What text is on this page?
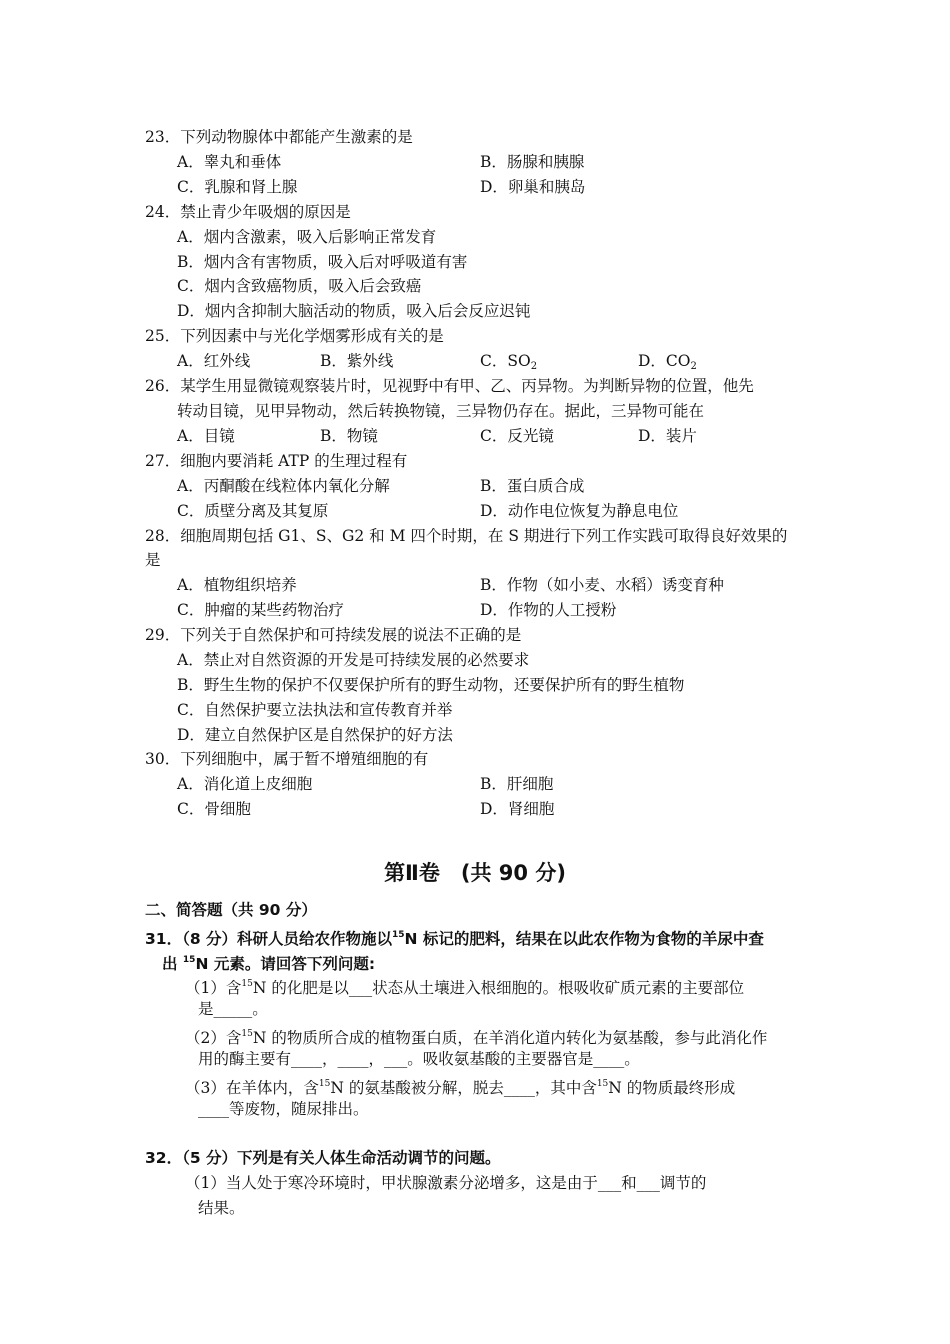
23．下列动物腺体中都能产生激素的是
A．睾丸和垂体	B．肠腺和胰腺
C．乳腺和肾上腺	D．卵巢和胰岛
24．禁止青少年吸烟的原因是
A．烟内含激素，吸入后影响正常发育
B．烟内含有害物质，吸入后对呼吸道有害
C．烟内含致癌物质，吸入后会致癌
D．烟内含抑制大脑活动的物质，吸入后会反应迟钝
25．下列因素中与光化学烟雾形成有关的是
A．红外线	B．紫外线	C．$SO_2$	D．$CO_2$
26．某学生用显微镜观察装片时，见视野中有甲、乙、丙异物。为判断异物的位置，他先
转动目镜，见甲异物动，然后转换物镜，三异物仍存在。据此，三异物可能在
A．目镜	B．物镜	C．反光镜	D．装片
27．细胞内要消耗 ATP 的生理过程有
A．丙酮酸在线粒体内氧化分解	B．蛋白质合成
C．质壁分离及其复原	D．动作电位恢复为静息电位
28．细胞周期包括 G1、S、G2 和 M 四个时期，在 S 期进行下列工作实践可取得良好效果的
是
A．植物组织培养	B．作物（如小麦、水稻）诱变育种
C．肿瘤的某些药物治疗	D．作物的人工授粉
29．下列关于自然保护和可持续发展的说法不正确的是
A．禁止对自然资源的开发是可持续发展的必然要求
B．野生生物的保护不仅要保护所有的野生动物，还要保护所有的野生植物
C．自然保护要立法执法和宣传教育并举
D．建立自然保护区是自然保护的好方法
30．下列细胞中，属于暂不增殖细胞的有
A．消化道上皮细胞	B．肝细胞
C．骨细胞	D．肾细胞
第Ⅱ卷　(共 90 分)
二、简答题（共 90 分）
31．（8 分）科研人员给农作物施以$^{15}$N 标记的肥料，结果在以此农作物为食物的羊尿中查
出 $^{15}$N 元素。请回答下列问题:
（1）含$^{15}$N 的化肥是以___状态从土壤进入根细胞的。根吸收矿质元素的主要部位
是_____。
（2）含$^{15}$N 的物质所合成的植物蛋白质，在羊消化道内转化为氨基酸，参与此消化作
用的酶主要有____，____，___。吸收氨基酸的主要器官是____。
（3）在羊体内，含$^{15}$N 的氨基酸被分解，脱去____，其中含$^{15}$N 的物质最终形成
____等废物，随尿排出。
32．（5 分）下列是有关人体生命活动调节的问题。
（1）当人处于寒冷环境时，甲状腺激素分泌增多，这是由于___和___调节的
结果。
